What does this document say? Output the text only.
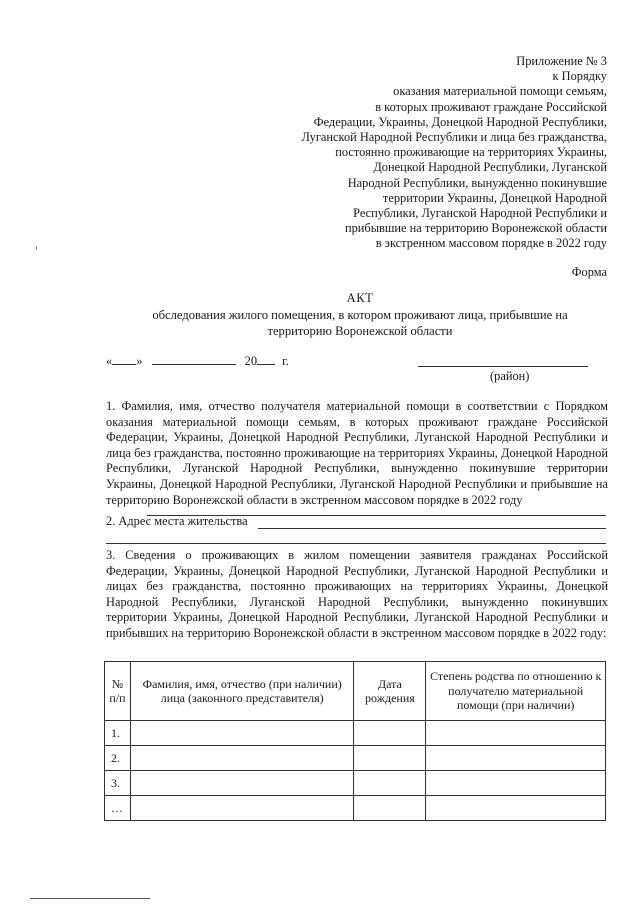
Приложение № 3
к Порядку
оказания материальной помощи семьям,
в которых проживают граждане Российской
Федерации, Украины, Донецкой Народной Республики,
Луганской Народной Республики и лица без гражданства,
постоянно проживающие на территориях Украины,
Донецкой Народной Республики, Луганской
Народной Республики, вынужденно покинувшие
территории Украины, Донецкой Народной
Республики, Луганской Народной Республики и
прибывшие на территорию Воронежской области
в экстренном массовом порядке в 2022 году
Форма
АКТ
обследования жилого помещения, в котором проживают лица, прибывшие на
территорию Воронежской области
« »	20 г.
(район)
1. Фамилия, имя, отчество получателя материальной помощи в соответствии с Порядком оказания материальной помощи семьям, в которых проживают граждане Российской Федерации, Украины, Донецкой Народной Республики, Луганской Народной Республики и лица без гражданства, постоянно проживающие на территориях Украины, Донецкой Народной Республики, Луганской Народной Республики, вынужденно покинувшие территории Украины, Донецкой Народной Республики, Луганской Народной Республики и прибывшие на территорию Воронежской области в экстренном массовом порядке в 2022 году
2. Адрес места жительства
3. Сведения о проживающих в жилом помещении заявителя гражданах Российской Федерации, Украины, Донецкой Народной Республики, Луганской Народной Республики и лицах без гражданства, постоянно проживающих на территориях Украины, Донецкой Народной Республики, Луганской Народной Республики, вынужденно покинувших территории Украины, Донецкой Народной Республики, Луганской Народной Республики и прибывших на территорию Воронежской области в экстренном массовом порядке в 2022 году:
№ п/п	Фамилия, имя, отчество (при наличии) лица (законного представителя)	Дата рождения	Степень родства по отношению к получателю материальной помощи (при наличии)
1.			
2.			
3.			
…			
